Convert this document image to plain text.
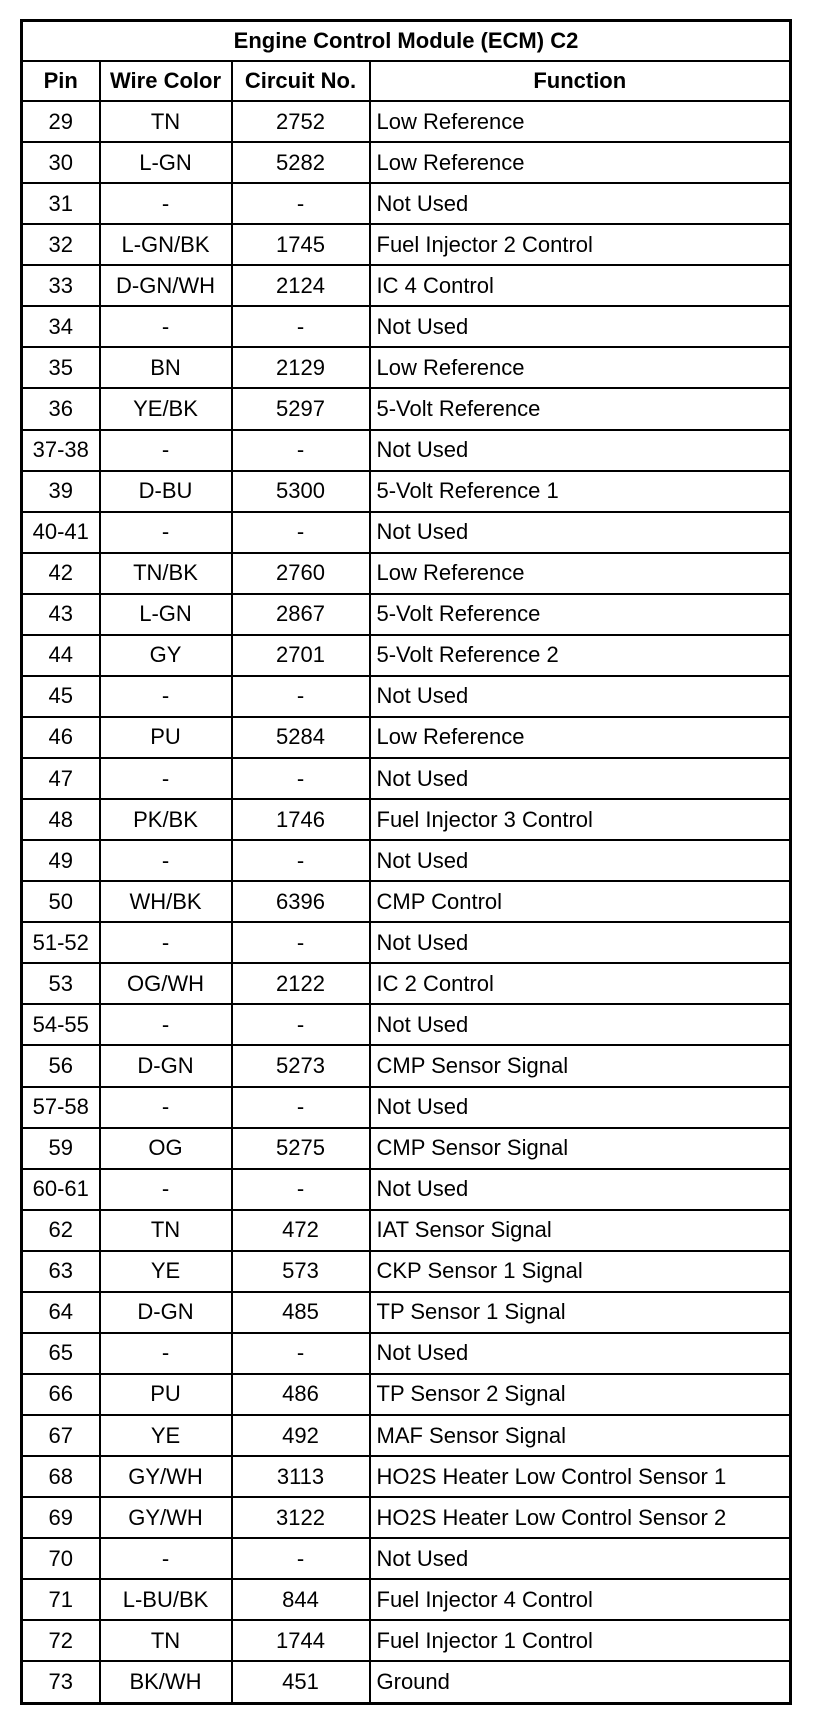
Engine Control Module (ECM) C2			
Pin	Wire Color	Circuit No.	Function
29	TN	2752	Low Reference
30	L-GN	5282	Low Reference
31	-	-	Not Used
32	L-GN/BK	1745	Fuel Injector 2 Control
33	D-GN/WH	2124	IC 4 Control
34	-	-	Not Used
35	BN	2129	Low Reference
36	YE/BK	5297	5-Volt Reference
37-38	-	-	Not Used
39	D-BU	5300	5-Volt Reference 1
40-41	-	-	Not Used
42	TN/BK	2760	Low Reference
43	L-GN	2867	5-Volt Reference
44	GY	2701	5-Volt Reference 2
45	-	-	Not Used
46	PU	5284	Low Reference
47	-	-	Not Used
48	PK/BK	1746	Fuel Injector 3 Control
49	-	-	Not Used
50	WH/BK	6396	CMP Control
51-52	-	-	Not Used
53	OG/WH	2122	IC 2 Control
54-55	-	-	Not Used
56	D-GN	5273	CMP Sensor Signal
57-58	-	-	Not Used
59	OG	5275	CMP Sensor Signal
60-61	-	-	Not Used
62	TN	472	IAT Sensor Signal
63	YE	573	CKP Sensor 1 Signal
64	D-GN	485	TP Sensor 1 Signal
65	-	-	Not Used
66	PU	486	TP Sensor 2 Signal
67	YE	492	MAF Sensor Signal
68	GY/WH	3113	HO2S Heater Low Control Sensor 1
69	GY/WH	3122	HO2S Heater Low Control Sensor 2
70	-	-	Not Used
71	L-BU/BK	844	Fuel Injector 4 Control
72	TN	1744	Fuel Injector 1 Control
73	BK/WH	451	Ground
